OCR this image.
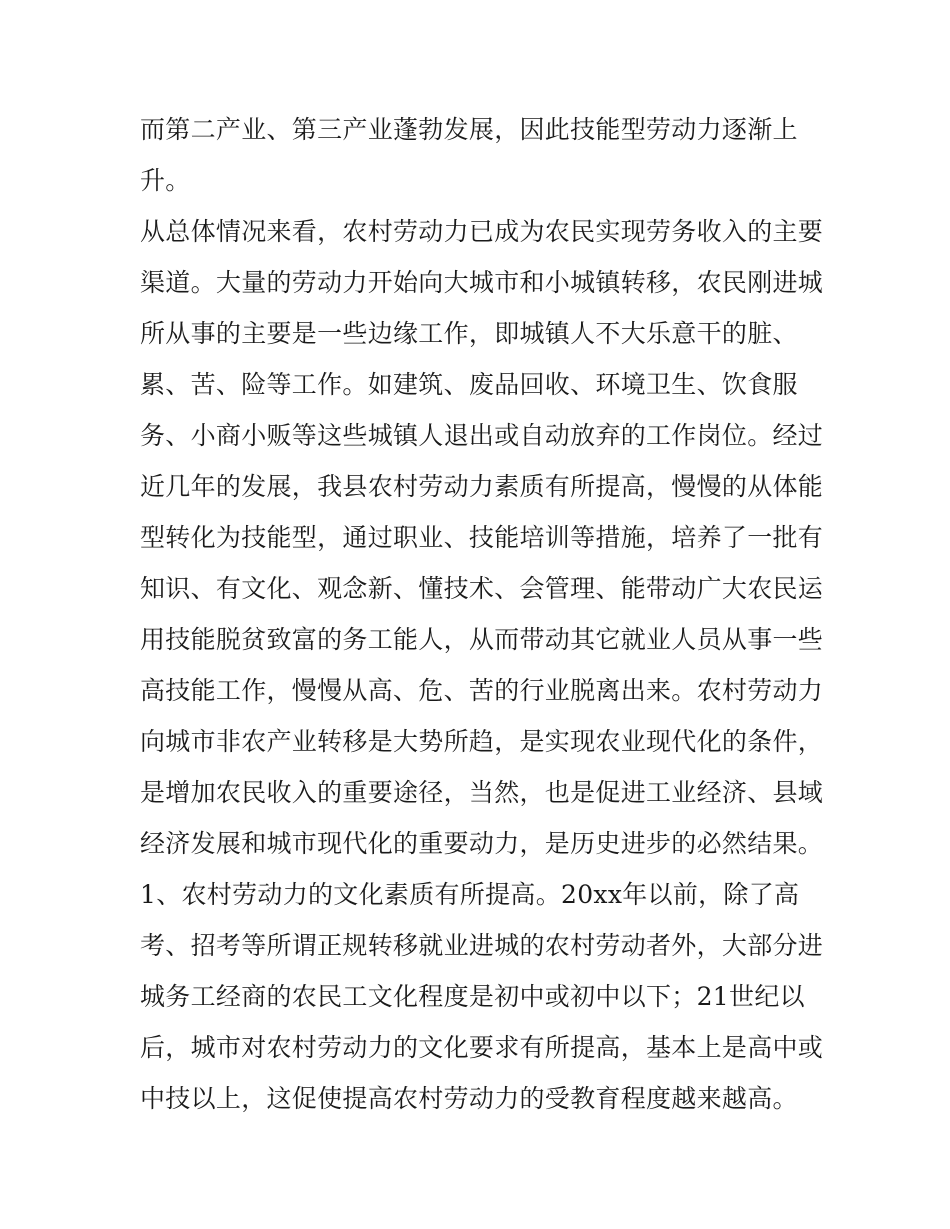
而第二产业、第三产业蓬勃发展，因此技能型劳动力逐渐上
升。
从总体情况来看，农村劳动力已成为农民实现劳务收入的主要
渠道。大量的劳动力开始向大城市和小城镇转移，农民刚进城
所从事的主要是一些边缘工作，即城镇人不大乐意干的脏、
累、苦、险等工作。如建筑、废品回收、环境卫生、饮食服
务、小商小贩等这些城镇人退出或自动放弃的工作岗位。经过
近几年的发展，我县农村劳动力素质有所提高，慢慢的从体能
型转化为技能型，通过职业、技能培训等措施，培养了一批有
知识、有文化、观念新、懂技术、会管理、能带动广大农民运
用技能脱贫致富的务工能人，从而带动其它就业人员从事一些
高技能工作，慢慢从高、危、苦的行业脱离出来。农村劳动力
向城市非农产业转移是大势所趋，是实现农业现代化的条件，
是增加农民收入的重要途径，当然，也是促进工业经济、县域
经济发展和城市现代化的重要动力，是历史进步的必然结果。
1、农村劳动力的文化素质有所提高。20xx年以前，除了高
考、招考等所谓正规转移就业进城的农村劳动者外，大部分进
城务工经商的农民工文化程度是初中或初中以下；21世纪以
后，城市对农村劳动力的文化要求有所提高，基本上是高中或
中技以上，这促使提高农村劳动力的受教育程度越来越高。
